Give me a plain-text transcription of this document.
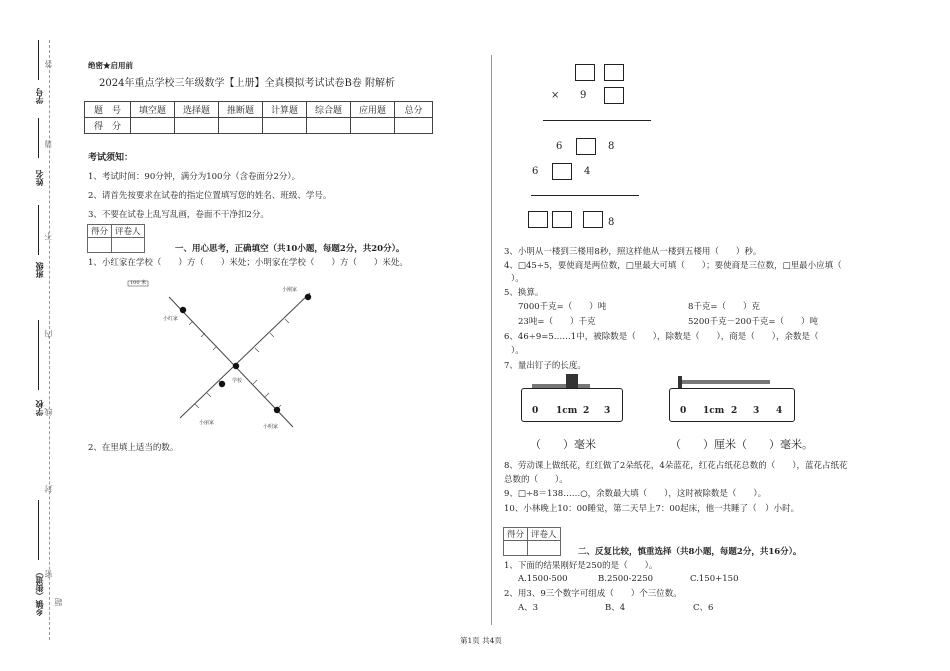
学号
姓名
班级
学校
乡镇（街道）
答
请
不
内
线
封
密
题
绝密★启用前
2024年重点学校三年级数学【上册】全真模拟考试试卷B卷 附解析
题　号	填空题	选择题	推断题	计算题	综合题	应用题	总分
得　分							
考试须知：
1、考试时间：90分钟，满分为100分（含卷面分2分）。
2、请首先按要求在试卷的指定位置填写您的姓名、班级、学号。
3、不要在试卷上乱写乱画，卷面不干净扣2分。
得分	评卷人

一、用心思考，正确填空（共10小题，每题2分，共20分）。
1、小红家在学校（　　）方（　　）米处；小明家在学校（　　）方（　　）米处。
100 米
小刚家
小红家
学校
小丽家
小明家
2、在里填上适当的数。
× 9
6	8
6	4
8
3、小明从一楼到三楼用8秒，照这样他从一楼到五楼用（　　）秒。
4、□45÷5，要使商是两位数，□里最大可填（　　）；要使商是三位数，□里最小应填（
）。
5、换算。
7000千克=（　　）吨	8千克=（　　）克
23吨=（　　）千克	5200千克－200千克=（　　）吨
6、46÷9=5……1中，被除数是（　　），除数是（　　），商是（　　），余数是（
）。
7、量出钉子的长度。
0 1cm 2 3	0 1cm 2 3 4
（　　）毫米	（　　）厘米（　　）毫米。
8、劳动课上做纸花，红红做了2朵纸花，4朵蓝花，红花占纸花总数的（　　），蓝花占纸花
总数的（　　）。
9、□÷8＝138……○，余数最大填（　　），这时被除数是（　　）。
10、小林晚上10：00睡觉，第二天早上7：00起床，他一共睡了（　）小时。
得分	评卷人

二、反复比较，慎重选择（共8小题，每题2分，共16分）。
1、下面的结果刚好是250的是（　　）。
A.1500-500	B.2500-2250	C.150+150
2、用3、9三个数字可组成（　　）个三位数。
A、3	B、4	C、6
第1页 共4页
